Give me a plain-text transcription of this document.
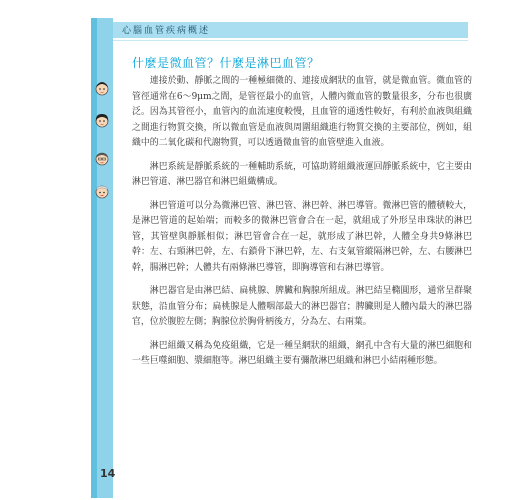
心腦血管疾病概述
什麼是微血管？什麼是淋巴血管？

連接於動、靜脈之間的一種極細微的、連接成網狀的血管，就是微血管。微血管的管徑通常在6～9μm之間，是管徑最小的血管，人體內微血管的數量很多，分布也很廣泛。因為其管徑小，血管內的血流速度較慢，且血管的通透性較好，有利於血液與組織之間進行物質交換，所以微血管是血液與周圍組織進行物質交換的主要部位，例如，組織中的二氧化碳和代謝物質，可以透過微血管的血管壁進入血液。

淋巴系統是靜脈系統的一種輔助系統，可協助將組織液運回靜脈系統中，它主要由淋巴管道、淋巴器官和淋巴組織構成。

淋巴管道可以分為微淋巴管、淋巴管、淋巴幹、淋巴導管。微淋巴管的體積較大，是淋巴管道的起始端；而較多的微淋巴管會合在一起，就組成了外形呈串珠狀的淋巴管，其管壁與靜脈相似；淋巴管會合在一起，就形成了淋巴幹，人體全身共9條淋巴幹：左、右頸淋巴幹，左、右鎖骨下淋巴幹，左、右支氣管縱隔淋巴幹，左、右腰淋巴幹，腸淋巴幹；人體共有兩條淋巴導管，即胸導管和右淋巴導管。

淋巴器官是由淋巴結、扁桃腺、脾臟和胸腺所組成。淋巴結呈橢圓形，通常呈群聚狀態，沿血管分布；扁桃腺是人體咽部最大的淋巴器官；脾臟則是人體內最大的淋巴器官，位於腹腔左側；胸腺位於胸骨柄後方，分為左、右兩葉。

淋巴組織又稱為免疫組織，它是一種呈網狀的組織，網孔中含有大量的淋巴細胞和一些巨噬細胞、漿細胞等。淋巴組織主要有彌散淋巴組織和淋巴小結兩種形態。

14
